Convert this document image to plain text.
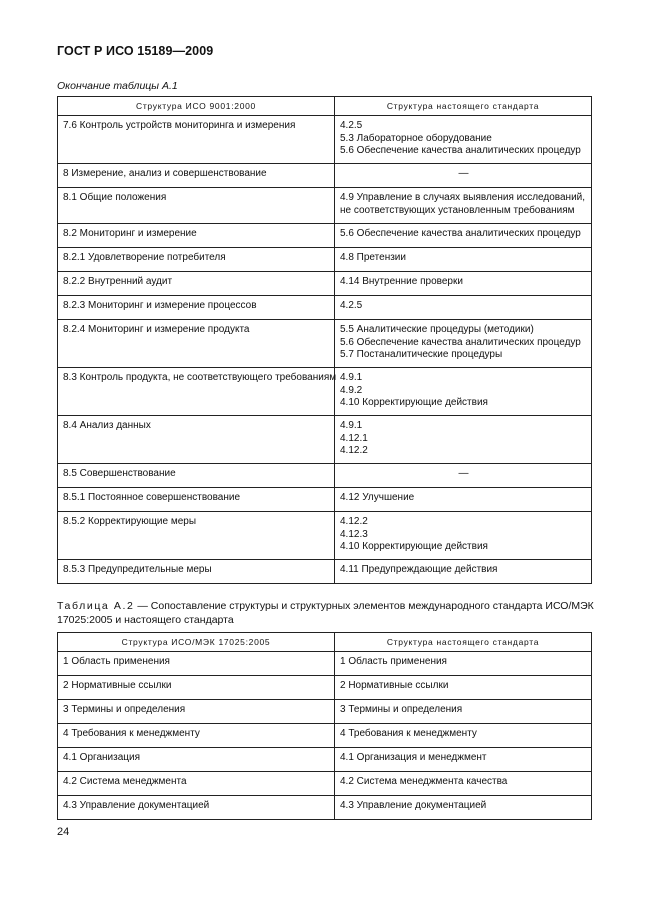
ГОСТ Р ИСО 15189—2009
Окончание таблицы А.1
Структура ИСО 9001:2000	Структура настоящего стандарта

7.6 Контроль устройств мониторинга и измерения	4.2.5
5.3 Лабораторное оборудование
5.6 Обеспечение качества аналитических процедур

8 Измерение, анализ и совершенствование	—

8.1 Общие положения	4.9 Управление в случаях выявления исследований,
не соответствующих установленным требованиям

8.2 Мониторинг и измерение	5.6 Обеспечение качества аналитических процедур

8.2.1 Удовлетворение потребителя	4.8 Претензии

8.2.2 Внутренний аудит	4.14 Внутренние проверки

8.2.3 Мониторинг и измерение процессов	4.2.5

8.2.4 Мониторинг и измерение продукта	5.5 Аналитические процедуры (методики)
5.6 Обеспечение качества аналитических процедур
5.7 Постаналитические процедуры

8.3 Контроль продукта, не соответствующего требованиям	4.9.1
4.9.2
4.10 Корректирующие действия

8.4 Анализ данных	4.9.1
4.12.1
4.12.2

8.5 Совершенствование	—

8.5.1 Постоянное совершенствование	4.12 Улучшение

8.5.2 Корректирующие меры	4.12.2
4.12.3
4.10 Корректирующие действия

8.5.3 Предупредительные меры	4.11 Предупреждающие действия
Таблица А.2 — Сопоставление структуры и структурных элементов международного стандарта ИСО/МЭК 17025:2005 и настоящего стандарта
Структура ИСО/МЭК 17025:2005	Структура настоящего стандарта

1 Область применения	1 Область применения

2 Нормативные ссылки	2 Нормативные ссылки

3 Термины и определения	3 Термины и определения

4 Требования к менеджменту	4 Требования к менеджменту

4.1 Организация	4.1 Организация и менеджмент

4.2 Система менеджмента	4.2 Система менеджмента качества

4.3 Управление документацией	4.3 Управление документацией
24
